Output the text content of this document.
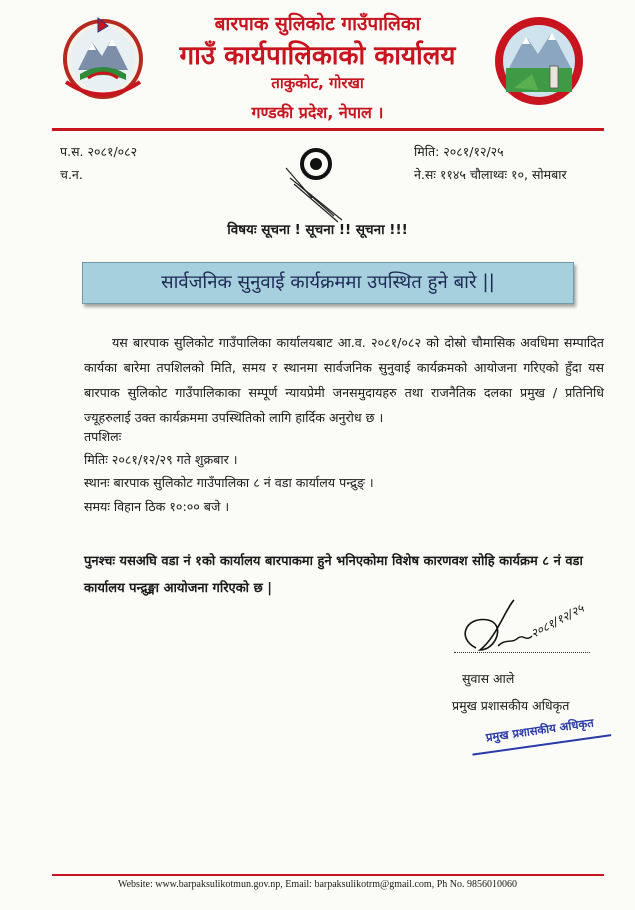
बारपाक सुलिकोट गाउँपालिका
गाउँ कार्यपालिकाको कार्यालय
ताकुकोट, गोरखा
गण्डकी प्रदेश, नेपाल ।
प.स. २०८१/०८२
च.न.
मिति: २०८१/१२/२५
ने.सः ११४५ चौलाथ्वः १०, सोमबार
विषयः सूचना ! सूचना !! सूचना !!!
सार्वजनिक सुनुवाई कार्यक्रममा उपस्थित हुने बारे ||

यस बारपाक सुलिकोट गाउँपालिका कार्यालयबाट आ.व. २०८१/०८२ को दोस्रो चौमासिक अवधिमा सम्पादित कार्यका बारेमा तपशिलको मिति, समय र स्थानमा सार्वजनिक सुनुवाई कार्यक्रमको आयोजना गरिएको हुँदा यस बारपाक सुलिकोट गाउँपालिकाका सम्पूर्ण न्यायप्रेमी जनसमुदायहरु तथा राजनैतिक दलका प्रमुख / प्रतिनिधि ज्यूहरुलाई उक्त कार्यक्रममा उपस्थितिको लागि हार्दिक अनुरोध छ ।

तपशिलः
मितिः २०८१/१२/२९ गते शुक्रबार ।
स्थानः बारपाक सुलिकोट गाउँपालिका ८ नं वडा कार्यालय पन्द्रुङ् ।
समयः विहान ठिक १०:०० बजे ।
पुनश्चः यसअघि वडा नं १को कार्यालय बारपाकमा हुने भनिएकोमा विशेष कारणवश सोहि कार्यक्रम ८ नं वडा कार्यालय पन्द्रुङ्मा आयोजना गरिएको छ |
२०८१/१२/२५
सुवास आले
प्रमुख प्रशासकीय अधिकृत
प्रमुख प्रशासकीय अधिकृत
Website: www.barpaksulikotmun.gov.np, Email: barpaksulikotrm@gmail.com, Ph No. 9856010060
